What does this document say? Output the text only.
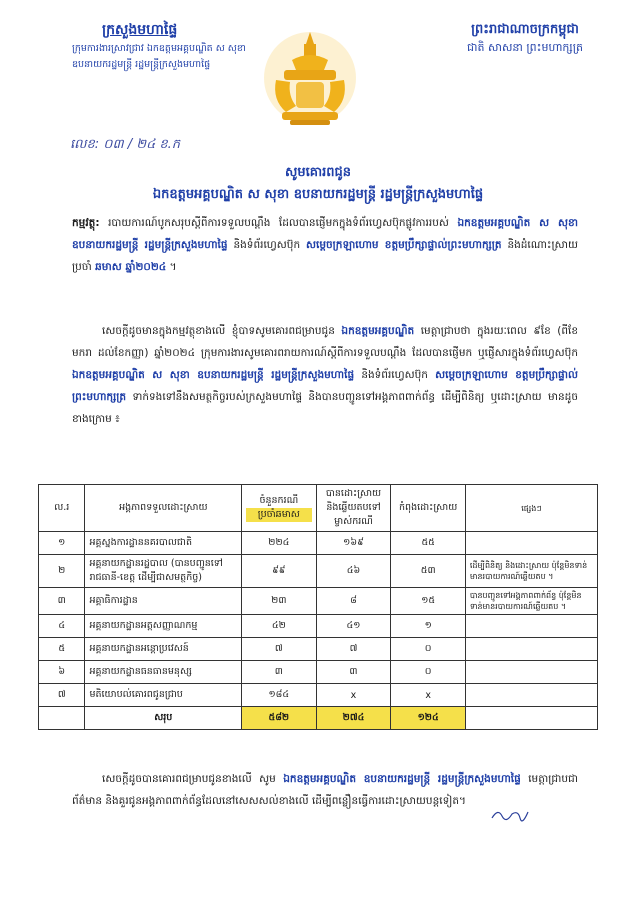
ក្រសួងមហាផ្ទៃ
ក្រុមការងារស្រាវជ្រាវ ឯកឧត្តមអគ្គបណ្ឌិត ស សុខា
ឧបនាយករដ្ឋមន្ត្រី រដ្ឋមន្ត្រីក្រសួងមហាផ្ទៃ
ព្រះរាជាណាចក្រកម្ពុជា
ជាតិ សាសនា ព្រះមហាក្សត្រ
លេខ: ០៣ / ២៤ ខ.ក
សូមគោរពជូន
ឯកឧត្តមអគ្គបណ្ឌិត ស សុខា ឧបនាយករដ្ឋមន្ត្រី រដ្ឋមន្ត្រីក្រសួងមហាផ្ទៃ
កម្មវត្ថុ: របាយការណ៍បូកសរុបស្ដីពីការទទួលបណ្ដឹង ដែលបានផ្ញើមកក្នុងទំព័រហ្វេសប៊ុកផ្លូវការរបស់ ឯកឧត្តមអគ្គបណ្ឌិត ស សុខា ឧបនាយករដ្ឋមន្ត្រី រដ្ឋមន្ត្រីក្រសួងមហាផ្ទៃ និងទំព័រហ្វេសប៊ុក សម្ដេចក្រឡាហោម ខត្តមប្រឹក្សាផ្ទាល់ព្រះមហាក្សត្រ និងដំណោះស្រាយប្រចាំ ឆមាស ឆ្នាំ២០២៤ ។
សេចក្ដីដូចមានក្នុងកម្មវត្ថុខាងលើ ខ្ញុំបាទសូមគោរពជម្រាបជូន ឯកឧត្តមអគ្គបណ្ឌិត មេត្តាជ្រាបថា ក្នុងរយៈពេល ៩ខែ (ពីខែមករា ដល់ខែកញ្ញា) ឆ្នាំ២០២៤ ក្រុមការងារសូមគោរពរាយការណ៍ស្ដីពីការទទួលបណ្ដឹង ដែលបានផ្ញើមក ឬផ្ញើសារក្នុងទំព័រហ្វេសប៊ុក ឯកឧត្តមអគ្គបណ្ឌិត ស សុខា ឧបនាយករដ្ឋមន្ត្រី រដ្ឋមន្ត្រីក្រសួងមហាផ្ទៃ និងទំព័រហ្វេសប៊ុក សម្ដេចក្រឡាហោម ខត្តមប្រឹក្សាផ្ទាល់ព្រះមហាក្សត្រ ទាក់ទងទៅនឹងសមត្ថកិច្ចរបស់ក្រសួងមហាផ្ទៃ និងបានបញ្ជូនទៅអង្គភាពពាក់ព័ន្ធ ដើម្បីពិនិត្យ ឬដោះស្រាយ មានដូចខាងក្រោម ៖
ល.រ	អង្គភាពទទួលដោះស្រាយ	ចំនួនករណី
ប្រចាំឆមាស	បានដោះស្រាយ និងឆ្លើយតបទៅម្ចាស់ករណី	កំពុងដោះស្រាយ	ផ្សេងៗ
១	អគ្គស្នងការដ្ឋាននគរបាលជាតិ	២២៤	១៦៩	៥៥	
២	អគ្គនាយកដ្ឋានរដ្ឋបាល (បានបញ្ជូនទៅរាជធានី-ខេត្ត ដើម្បីជាសមត្ថកិច្ច)	៩៩	៤៦	៥៣	ដើម្បីពិនិត្យ និងដោះស្រាយ ប៉ុន្តែមិនទាន់មានរបាយការណ៍ឆ្លើយតប ។
៣	អគ្គាធិការដ្ឋាន	២៣	៨	១៥	បានបញ្ជូនទៅអង្គភាពពាក់ព័ន្ធ ប៉ុន្តែមិនទាន់មានរបាយការណ៍ឆ្លើយតប ។
៤	អគ្គនាយកដ្ឋានអត្តសញ្ញាណកម្ម	៤២	៤១	១	
៥	អគ្គនាយកដ្ឋានអន្តោប្រវេសន៍	៧	៧	០	
៦	អគ្គនាយកដ្ឋានធនធានមនុស្ស	៣	៣	០	
៧	មតិយោបល់គោរពជូនជ្រាប	១៨៤	x	x	
	សរុប	៥៨២	២៧៤	១២៤	
សេចក្ដីដូចបានគោរពជម្រាបជូនខាងលើ សូម ឯកឧត្តមអគ្គបណ្ឌិត ឧបនាយករដ្ឋមន្ត្រី រដ្ឋមន្ត្រីក្រសួងមហាផ្ទៃ មេត្តាជ្រាបជាព័ត៌មាន និងគួរជូនអង្គភាពពាក់ព័ន្ធដែលនៅសេសសល់ខាងលើ ដើម្បីពន្លឿនធ្វើការដោះស្រាយបន្តទៀត។
